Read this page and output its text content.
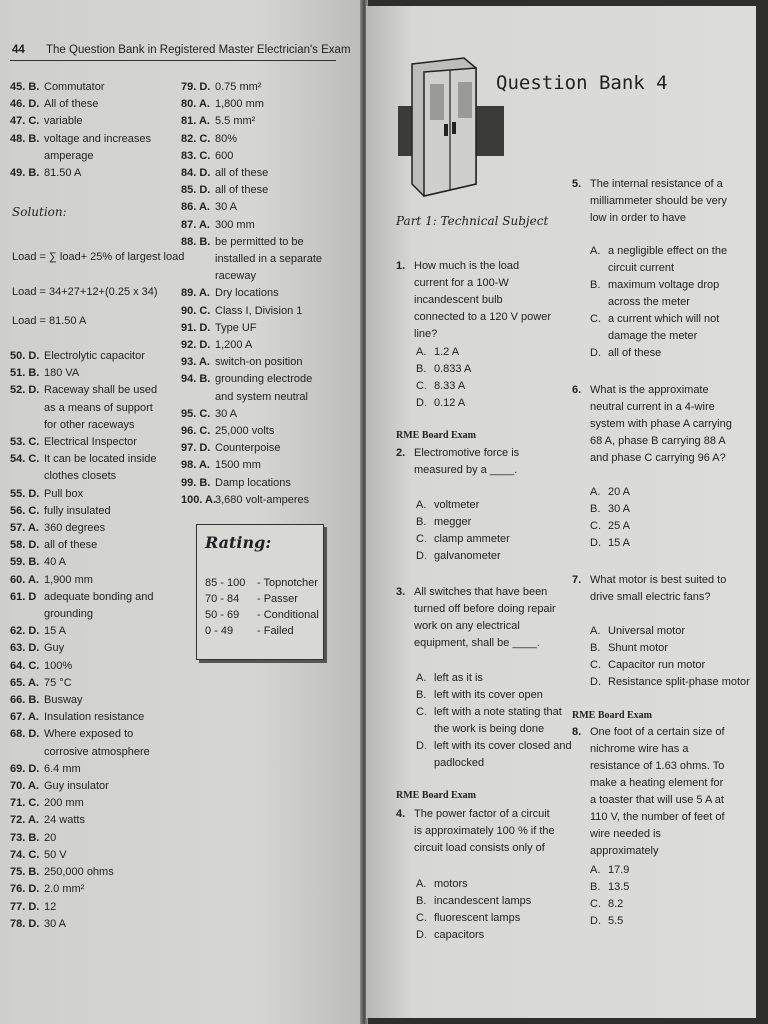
44 The Question Bank in Registered Master Electrician's Exam
45. B. Commutator
46. D. All of these
47. C. variable
48. B. voltage and increases amperage
49. B. 81.50 A
Solution:
Load = ∑ load+ 25% of largest load
Load = 34+27+12+(0.25 x 34)
Load = 81.50 A
50. D. Electrolytic capacitor
51. B. 180 VA
52. D. Raceway shall be used as a means of support for other raceways
53. C. Electrical Inspector
54. C. It can be located inside clothes closets
55. D. Pull box
56. C. fully insulated
57. A. 360 degrees
58. D. all of these
59. B. 40 A
60. A. 1,900 mm
61. D adequate bonding and grounding
62. D. 15 A
63. D. Guy
64. C. 100%
65. A. 75 °C
66. B. Busway
67. A. Insulation resistance
68. D. Where exposed to corrosive atmosphere
69. D. 6.4 mm
70. A. Guy insulator
71. C. 200 mm
72. A. 24 watts
73. B. 20
74. C. 50 V
75. B. 250,000 ohms
76. D. 2.0 mm²
77. D. 12
78. D. 30 A
79. D. 0.75 mm²
80. A. 1,800 mm
81. A. 5.5 mm²
82. C. 80%
83. C. 600
84. D. all of these
85. D. all of these
86. A. 30 A
87. A. 300 mm
88. B. be permitted to be installed in a separate raceway
89. A. Dry locations
90. C. Class I, Division 1
91. D. Type UF
92. D. 1,200 A
93. A. switch-on position
94. B. grounding electrode and system neutral
95. C. 30 A
96. C. 25,000 volts
97. D. Counterpoise
98. A. 1500 mm
99. B. Damp locations
100. A.3,680 volt-amperes
Rating:
85 - 100 - Topnotcher
70 - 84 - Passer
50 - 69 - Conditional
0 - 49 - Failed
Question Bank 4
Part 1: Technical Subject
1. How much is the load current for a 100-W incandescent bulb connected to a 120 V power line?
A. 1.2 A
B. 0.833 A
C. 8.33 A
D. 0.12 A
RME Board Exam
2. Electromotive force is measured by a ____.
A. voltmeter
B. megger
C. clamp ammeter
D. galvanometer
3. All switches that have been turned off before doing repair work on any electrical equipment, shall be ____.
A. left as it is
B. left with its cover open
C. left with a note stating that the work is being done
D. left with its cover closed and padlocked
RME Board Exam
4. The power factor of a circuit is approximately 100 % if the circuit load consists only of
A. motors
B. incandescent lamps
C. fluorescent lamps
D. capacitors
5. The internal resistance of a milliammeter should be very low in order to have
A. a negligible effect on the circuit current
B. maximum voltage drop across the meter
C. a current which will not damage the meter
D. all of these
6. What is the approximate neutral current in a 4-wire system with phase A carrying 68 A, phase B carrying 88 A and phase C carrying 96 A?
A. 20 A
B. 30 A
C. 25 A
D. 15 A
7. What motor is best suited to drive small electric fans?
A. Universal motor
B. Shunt motor
C. Capacitor run motor
D. Resistance split-phase motor
RME Board Exam
8. One foot of a certain size of nichrome wire has a resistance of 1.63 ohms. To make a heating element for a toaster that will use 5 A at 110 V, the number of feet of wire needed is approximately
A. 17.9
B. 13.5
C. 8.2
D. 5.5
